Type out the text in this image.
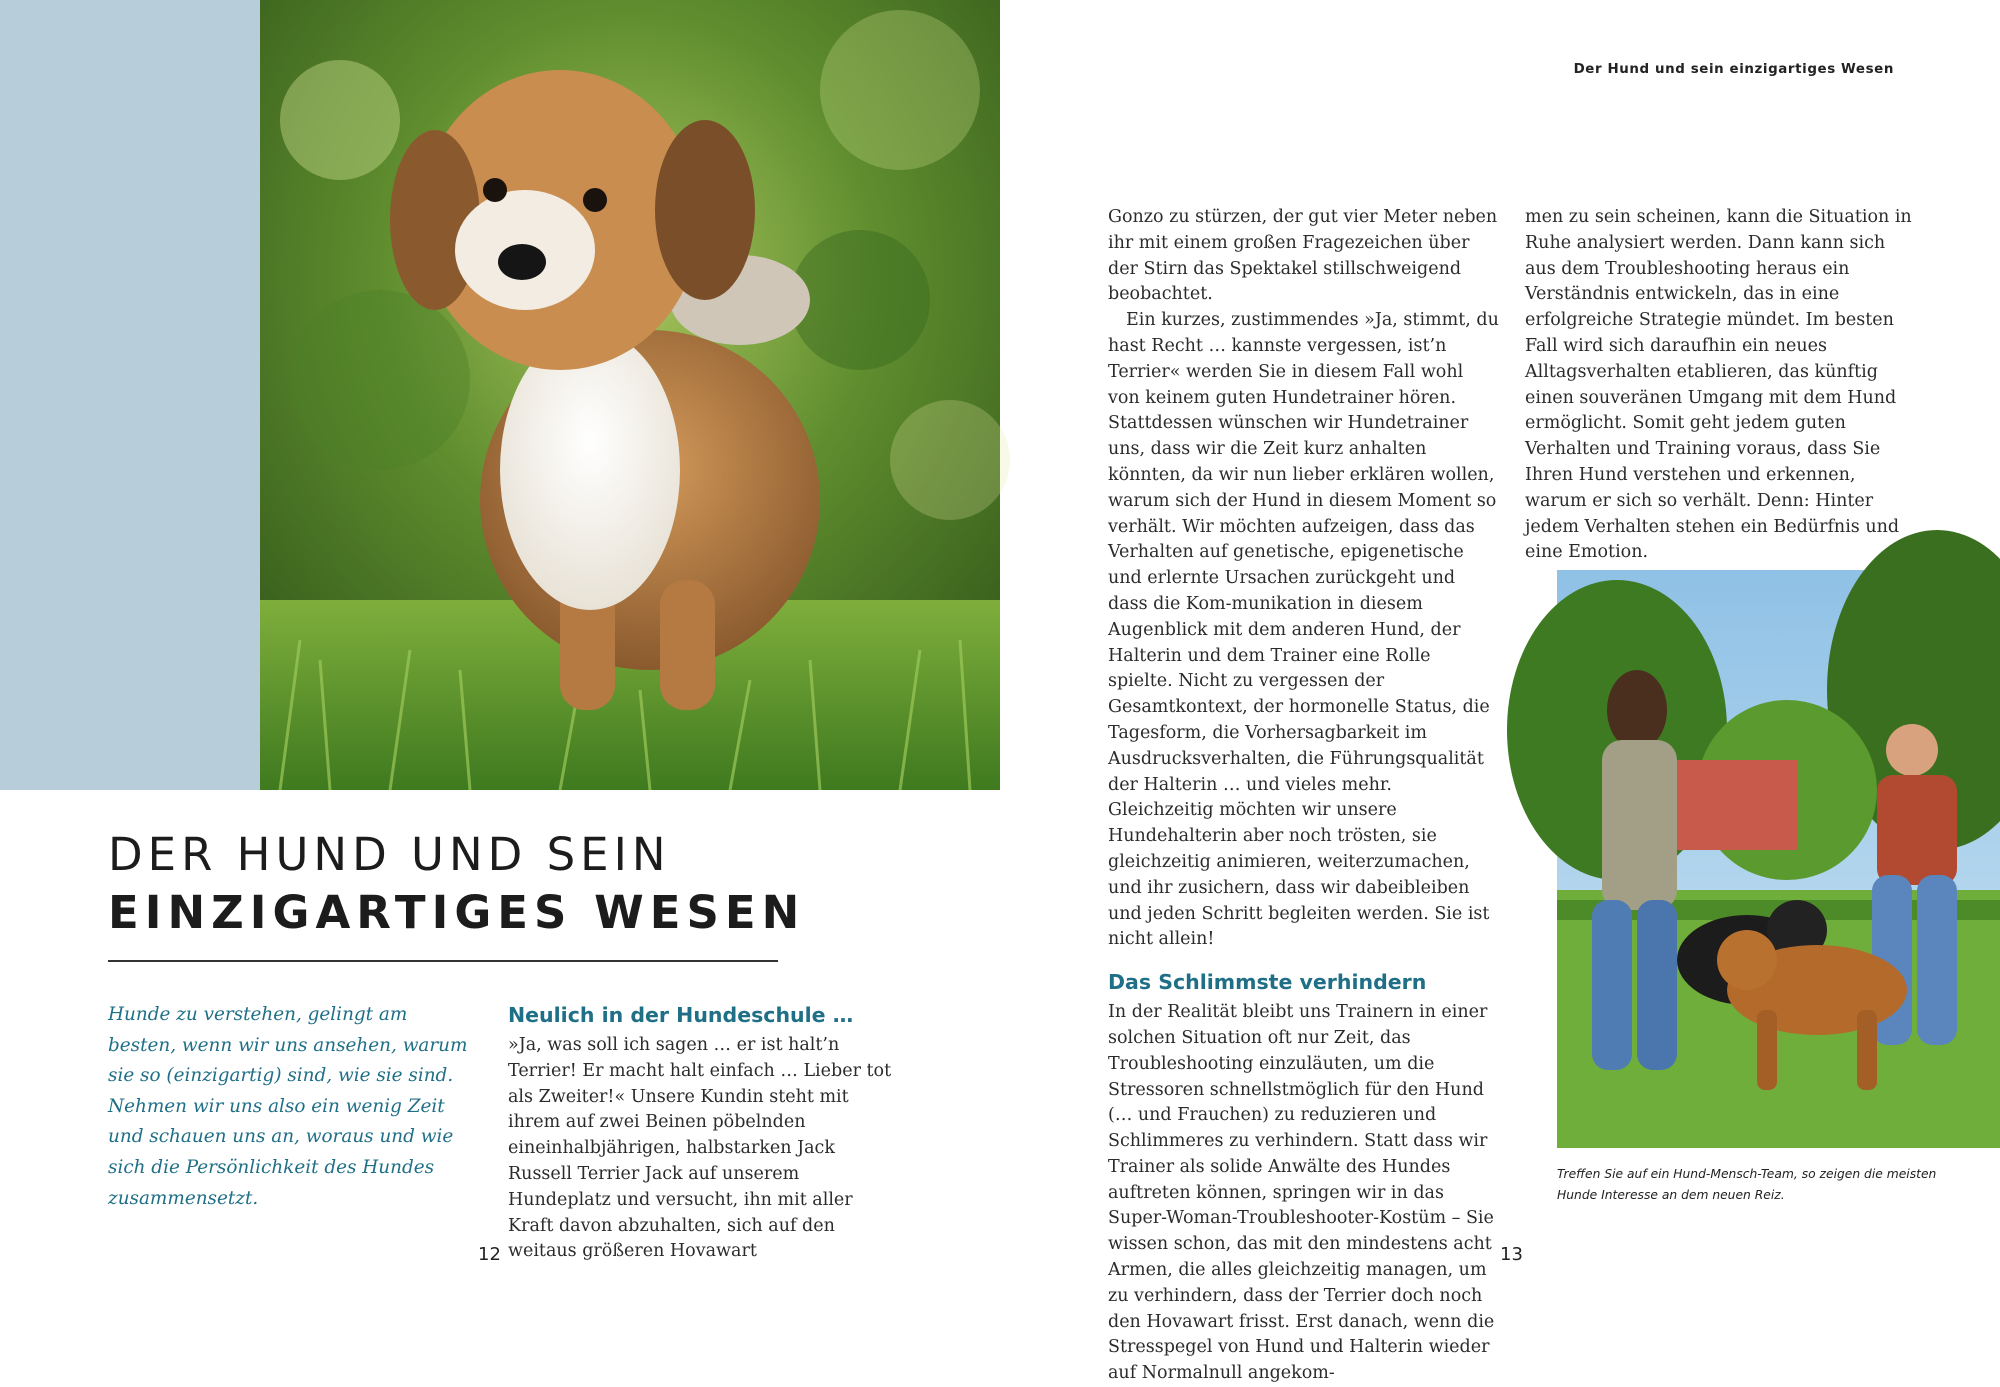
DER HUND UND SEIN
EINZIGARTIGES WESEN

Hunde zu verstehen, gelingt am besten, wenn wir uns ansehen, warum sie so (einzigartig) sind, wie sie sind. Nehmen wir uns also ein wenig Zeit und schauen uns an, woraus und wie sich die Persönlichkeit des Hundes zusammensetzt.

Neulich in der Hundeschule …

»Ja, was soll ich sagen … er ist halt’n Terrier! Er macht halt einfach … Lieber tot als Zweiter!« Unsere Kundin steht mit ihrem auf zwei Beinen pöbelnden eineinhalbjährigen, halbstarken Jack Russell Terrier Jack auf unserem Hundeplatz und versucht, ihn mit aller Kraft davon abzuhalten, sich auf den weitaus größeren Hovawart

12
Der Hund und sein einzigartiges Wesen

Gonzo zu stürzen, der gut vier Meter neben ihr mit einem großen Fragezeichen über der Stirn das Spektakel stillschweigend beobachtet.

Ein kurzes, zustimmendes »Ja, stimmt, du hast Recht … kannste vergessen, ist’n Terrier« werden Sie in diesem Fall wohl von keinem guten Hundetrainer hören. Stattdessen wünschen wir Hundetrainer uns, dass wir die Zeit kurz anhalten könnten, da wir nun lieber erklären wollen, warum sich der Hund in diesem Moment so verhält. Wir möchten aufzeigen, dass das Verhalten auf genetische, epigenetische und erlernte Ursachen zurückgeht und dass die Kom-munikation in diesem Augenblick mit dem anderen Hund, der Halterin und dem Trainer eine Rolle spielte. Nicht zu vergessen der Gesamtkontext, der hormonelle Status, die Tagesform, die Vorhersagbarkeit im Ausdrucksverhalten, die Führungsqualität der Halterin … und vieles mehr. Gleichzeitig möchten wir unsere Hundehalterin aber noch trösten, sie gleichzeitig animieren, weiterzumachen, und ihr zusichern, dass wir dabeibleiben und jeden Schritt begleiten werden. Sie ist nicht allein!

Das Schlimmste verhindern

In der Realität bleibt uns Trainern in einer solchen Situation oft nur Zeit, das Troubleshooting einzuläuten, um die Stressoren schnellstmöglich für den Hund (… und Frauchen) zu reduzieren und Schlimmeres zu verhindern. Statt dass wir Trainer als solide Anwälte des Hundes auftreten können, springen wir in das Super-Woman-Troubleshooter-Kostüm – Sie wissen schon, das mit den mindestens acht Armen, die alles gleichzeitig managen, um zu verhindern, dass der Terrier doch noch den Hovawart frisst. Erst danach, wenn die Stresspegel von Hund und Halterin wieder auf Normalnull angekom-

men zu sein scheinen, kann die Situation in Ruhe analysiert werden. Dann kann sich aus dem Troubleshooting heraus ein Verständnis entwickeln, das in eine erfolgreiche Strategie mündet. Im besten Fall wird sich daraufhin ein neues Alltagsverhalten etablieren, das künftig einen souveränen Umgang mit dem Hund ermöglicht. Somit geht jedem guten Verhalten und Training voraus, dass Sie Ihren Hund verstehen und erkennen, warum er sich so verhält. Denn: Hinter jedem Verhalten stehen ein Bedürfnis und eine Emotion.

Treffen Sie auf ein Hund-Mensch-Team, so zeigen die meisten Hunde Interesse an dem neuen Reiz.

13
